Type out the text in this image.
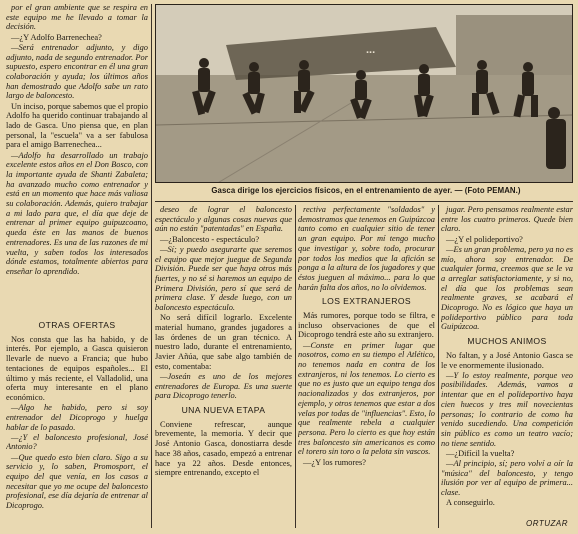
por el gran ambiente que se respira en este equipo me he llevado a tomar la decisión.

—¿Y Adolfo Barrenechea?

—Será entrenador adjunto, y digo adjunto, nada de segundo entrenador. Por supuesto, espero encontrar en él una gran colaboración y ayuda; los últimos años han demostrado que Adolfo sabe un rato largo de baloncesto.

Un inciso, porque sabemos que el propio Adolfo ha querido continuar trabajando al lado de Gasca. Uno piensa que, en plan personal, la "escuela" va a ser fabulosa para el amigo Barrenechea...

—Adolfo ha desarrollado un trabajo excelente estos años en el Don Bosco, con la importante ayuda de Shanti Zabaleta; ha avanzado mucho como entrenador y está en un momento que hace más valiosa su colaboración. Además, quiero trabajar a mi lado para que, el día que deje de entrenar al primer equipo guipuzcoano, queda éste en las manos de buenos entrenadores. Es una de las razones de mi vuelta, y saben todos los interesados dónde estamos, totalmente abiertos para enseñar lo aprendido.

OTRAS OFERTAS

Nos consta que las ha habido, y de interés. Por ejemplo, a Gasca quisieron llevarle de nuevo a Francia; que hubo tentaciones de equipos españoles... El último y más reciente, el Valladolid, una oferta muy interesante en el plano económico.

—Algo he habido, pero si soy entrenador del Dicoprogo y huelga hablar de lo pasado.

—¿Y el baloncesto profesional, José Antonio?

—Que quedo esto bien claro. Sigo a su servicio y, lo saben, Promosport, el equipo del que venía, en los casos a necesitar que yo me ocupe del baloncesto profesional, ese día dejaría de entrenar al Dicoprogo.

...
Gasca dirige los ejercicios físicos, en el entrenamiento de ayer. — (Foto PEMAN.)

deseo de lograr el baloncesto espectáculo y algunas cosas nuevas que aún no están "patentadas" en España.

—¿Baloncesto - espectáculo?

—Sí; y puedo asegurarte que seremos el equipo que mejor juegue de Segunda División. Puede ser que haya otros más fuertes, y no sé si haremos un equipo de Primera División, pero sí que será de primera clase. Y desde luego, con un baloncesto espectáculo.

No será difícil lograrlo. Excelente material humano, grandes jugadores a las órdenes de un gran técnico. A nuestro lado, durante el entrenamiento, Javier Añúa, que sabe algo también de esto, comentaba:

—Joseán es uno de los mejores entrenadores de Europa. Es una suerte para Dicoprogo tenerlo.

UNA NUEVA ETAPA

Conviene refrescar, aunque brevemente, la memoria. Y decir que José Antonio Gasca, donostiarra desde hace 38 años, casado, empezó a entrenar hace ya 22 años. Desde entonces, siempre entrenando, excepto el

rectiva perfectamente "soldados" y demostramos que tenemos en Guipúzcoa tanto como en cualquier sitio de tener un gran equipo. Por mí tengo mucho que investigar y, sobre todo, procurar por todos los medios que la afición se ponga a la altura de los jugadores y que éstos jueguen al máximo... para lo que harán falta dos años, no lo olvidemos.

LOS EXTRANJEROS

Más rumores, porque todo se filtra, e incluso observaciones de que el Dicoprogo tendrá este año su extranjero.

—Conste en primer lugar que nosotros, como en su tiempo el Atlético, no tenemos nada en contra de los extranjeros, ni los tenemos. Lo cierto es que no es justo que un equipo tenga dos nacionalizados y dos extranjeros, por ejemplo, y otros tenemos que estar a dos velas por todas de "influencias". Esto, lo que realmente rebela a cualquier persona. Pero lo cierto es que hoy están tres baloncesto sin americanos es como el torero sin toro o la pelota sin vascos.

—¿Y los rumores?

jugar. Pero pensamos realmente estar entre los cuatro primeros. Quede bien claro.

—¿Y el polideportivo?

—Es un gran problema, pero ya no es mío, ahora soy entrenador. De cualquier forma, creemos que se le va a arreglar satisfactoriamente, y si no, el día que los problemas sean realmente graves, se acabará el Dicoprogo. No es lógico que haya un polideportivo público para toda Guipúzcoa.

MUCHOS ANIMOS

No faltan, y a José Antonio Gasca se le ve enormemente ilusionado.

—Y lo estoy realmente, porque veo posibilidades. Además, vamos a intentar que en el polideportivo haya cien huecos y tres mil novecientas personas; lo contrario de como ha venido sucediendo. Una competición sin público es como un teatro vacío; no tiene sentido.

—¿Difícil la vuelta?

—Al principio, sí; pero volví a oír la "música" del baloncesto, y tengo ilusión por ver al equipo de primera... clase.

A conseguirlo.

ORTUZAR
